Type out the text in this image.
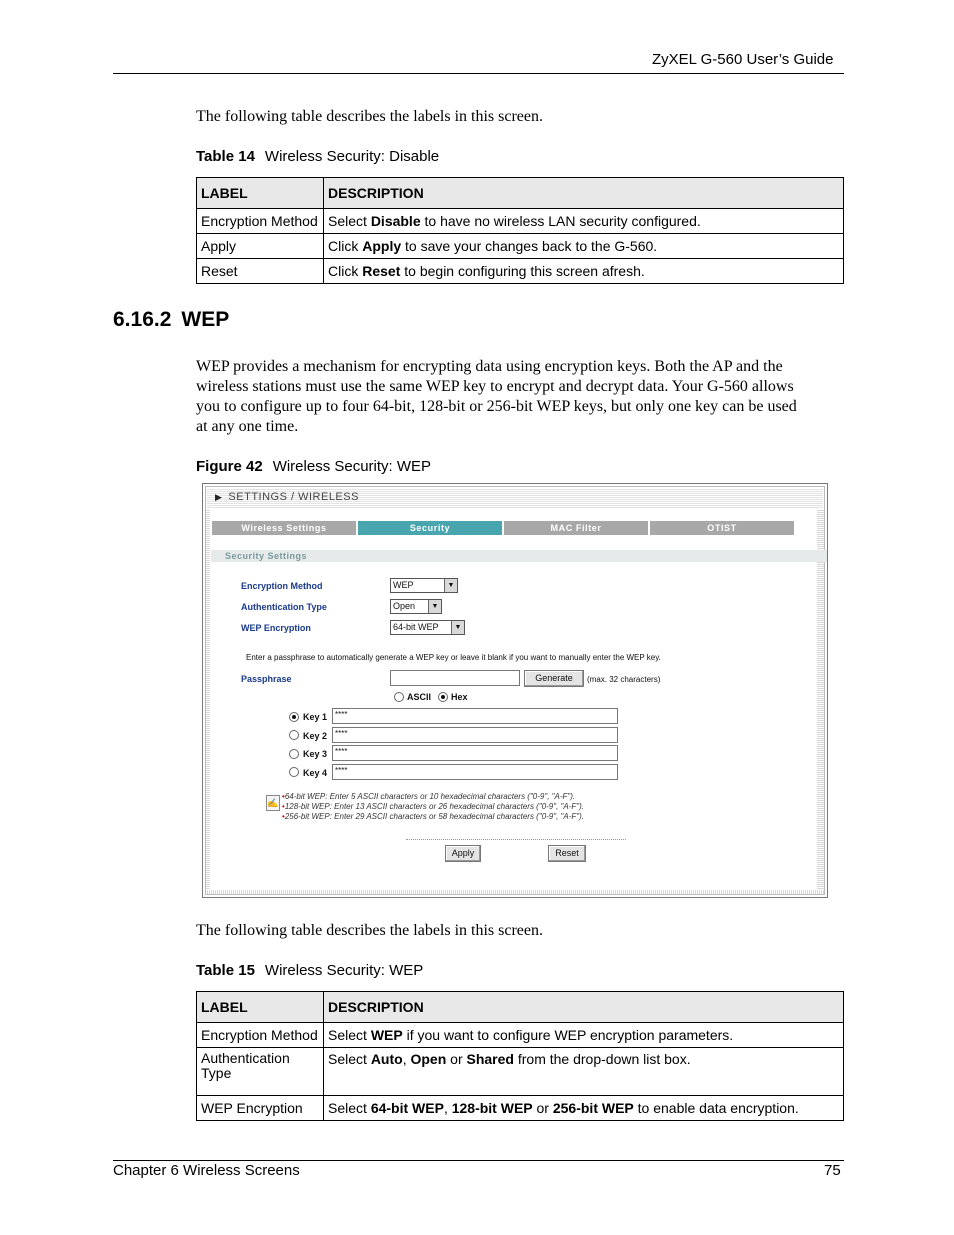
ZyXEL G-560 User’s Guide
The following table describes the labels in this screen.
Table 14 Wireless Security: Disable
LABEL	DESCRIPTION
Encryption Method	Select Disable to have no wireless LAN security configured.
Apply	Click Apply to save your changes back to the G-560.
Reset	Click Reset to begin configuring this screen afresh.
6.16.2 WEP
WEP provides a mechanism for encrypting data using encryption keys. Both the AP and the
wireless stations must use the same WEP key to encrypt and decrypt data. Your G-560 allows
you to configure up to four 64-bit, 128-bit or 256-bit WEP keys, but only one key can be used
at any one time.
Figure 42 Wireless Security: WEP
▶ SETTINGS / WIRELESS
Wireless Settings	Security	MAC Filter	OTIST
Security Settings
Encryption Method	WEP	▼
Authentication Type	Open	▼
WEP Encryption	64-bit WEP	▼
Enter a passphrase to automatically generate a WEP key or leave it blank if you want to manually enter the WEP key.
Passphrase	Generate	(max. 32 characters)
ASCII Hex
Key 1 ****
Key 2 ****
Key 3 ****
Key 4 ****
✍
•64-bit WEP: Enter 5 ASCII characters or 10 hexadecimal characters ("0-9", "A-F").
•128-bit WEP: Enter 13 ASCII characters or 26 hexadecimal characters ("0-9", "A-F").
•256-bit WEP: Enter 29 ASCII characters or 58 hexadecimal characters ("0-9", "A-F").
Apply	Reset
The following table describes the labels in this screen.
Table 15 Wireless Security: WEP
LABEL	DESCRIPTION
Encryption Method	Select WEP if you want to configure WEP encryption parameters.
Authentication Type	Select Auto, Open or Shared from the drop-down list box.
WEP Encryption	Select 64-bit WEP, 128-bit WEP or 256-bit WEP to enable data encryption.
Chapter 6 Wireless Screens	75
